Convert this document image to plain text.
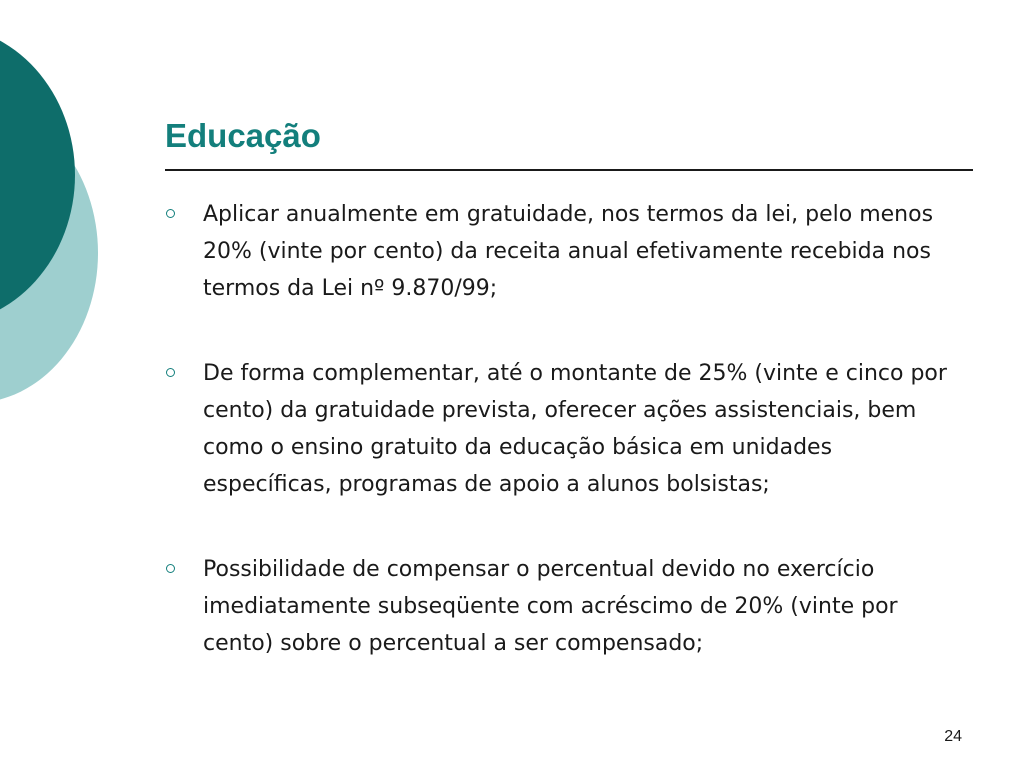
Educação
Aplicar anualmente em gratuidade, nos termos da lei, pelo menos 20% (vinte por cento) da receita anual efetivamente recebida nos termos da Lei nº 9.870/99;
De forma complementar, até o montante de 25% (vinte e cinco por cento) da gratuidade prevista, oferecer ações assistenciais, bem como o ensino gratuito da educação básica em unidades específicas, programas de apoio a alunos bolsistas;
Possibilidade de compensar o percentual devido no exercício imediatamente subseqüente com acréscimo de 20% (vinte por cento) sobre o percentual a ser compensado;
24
